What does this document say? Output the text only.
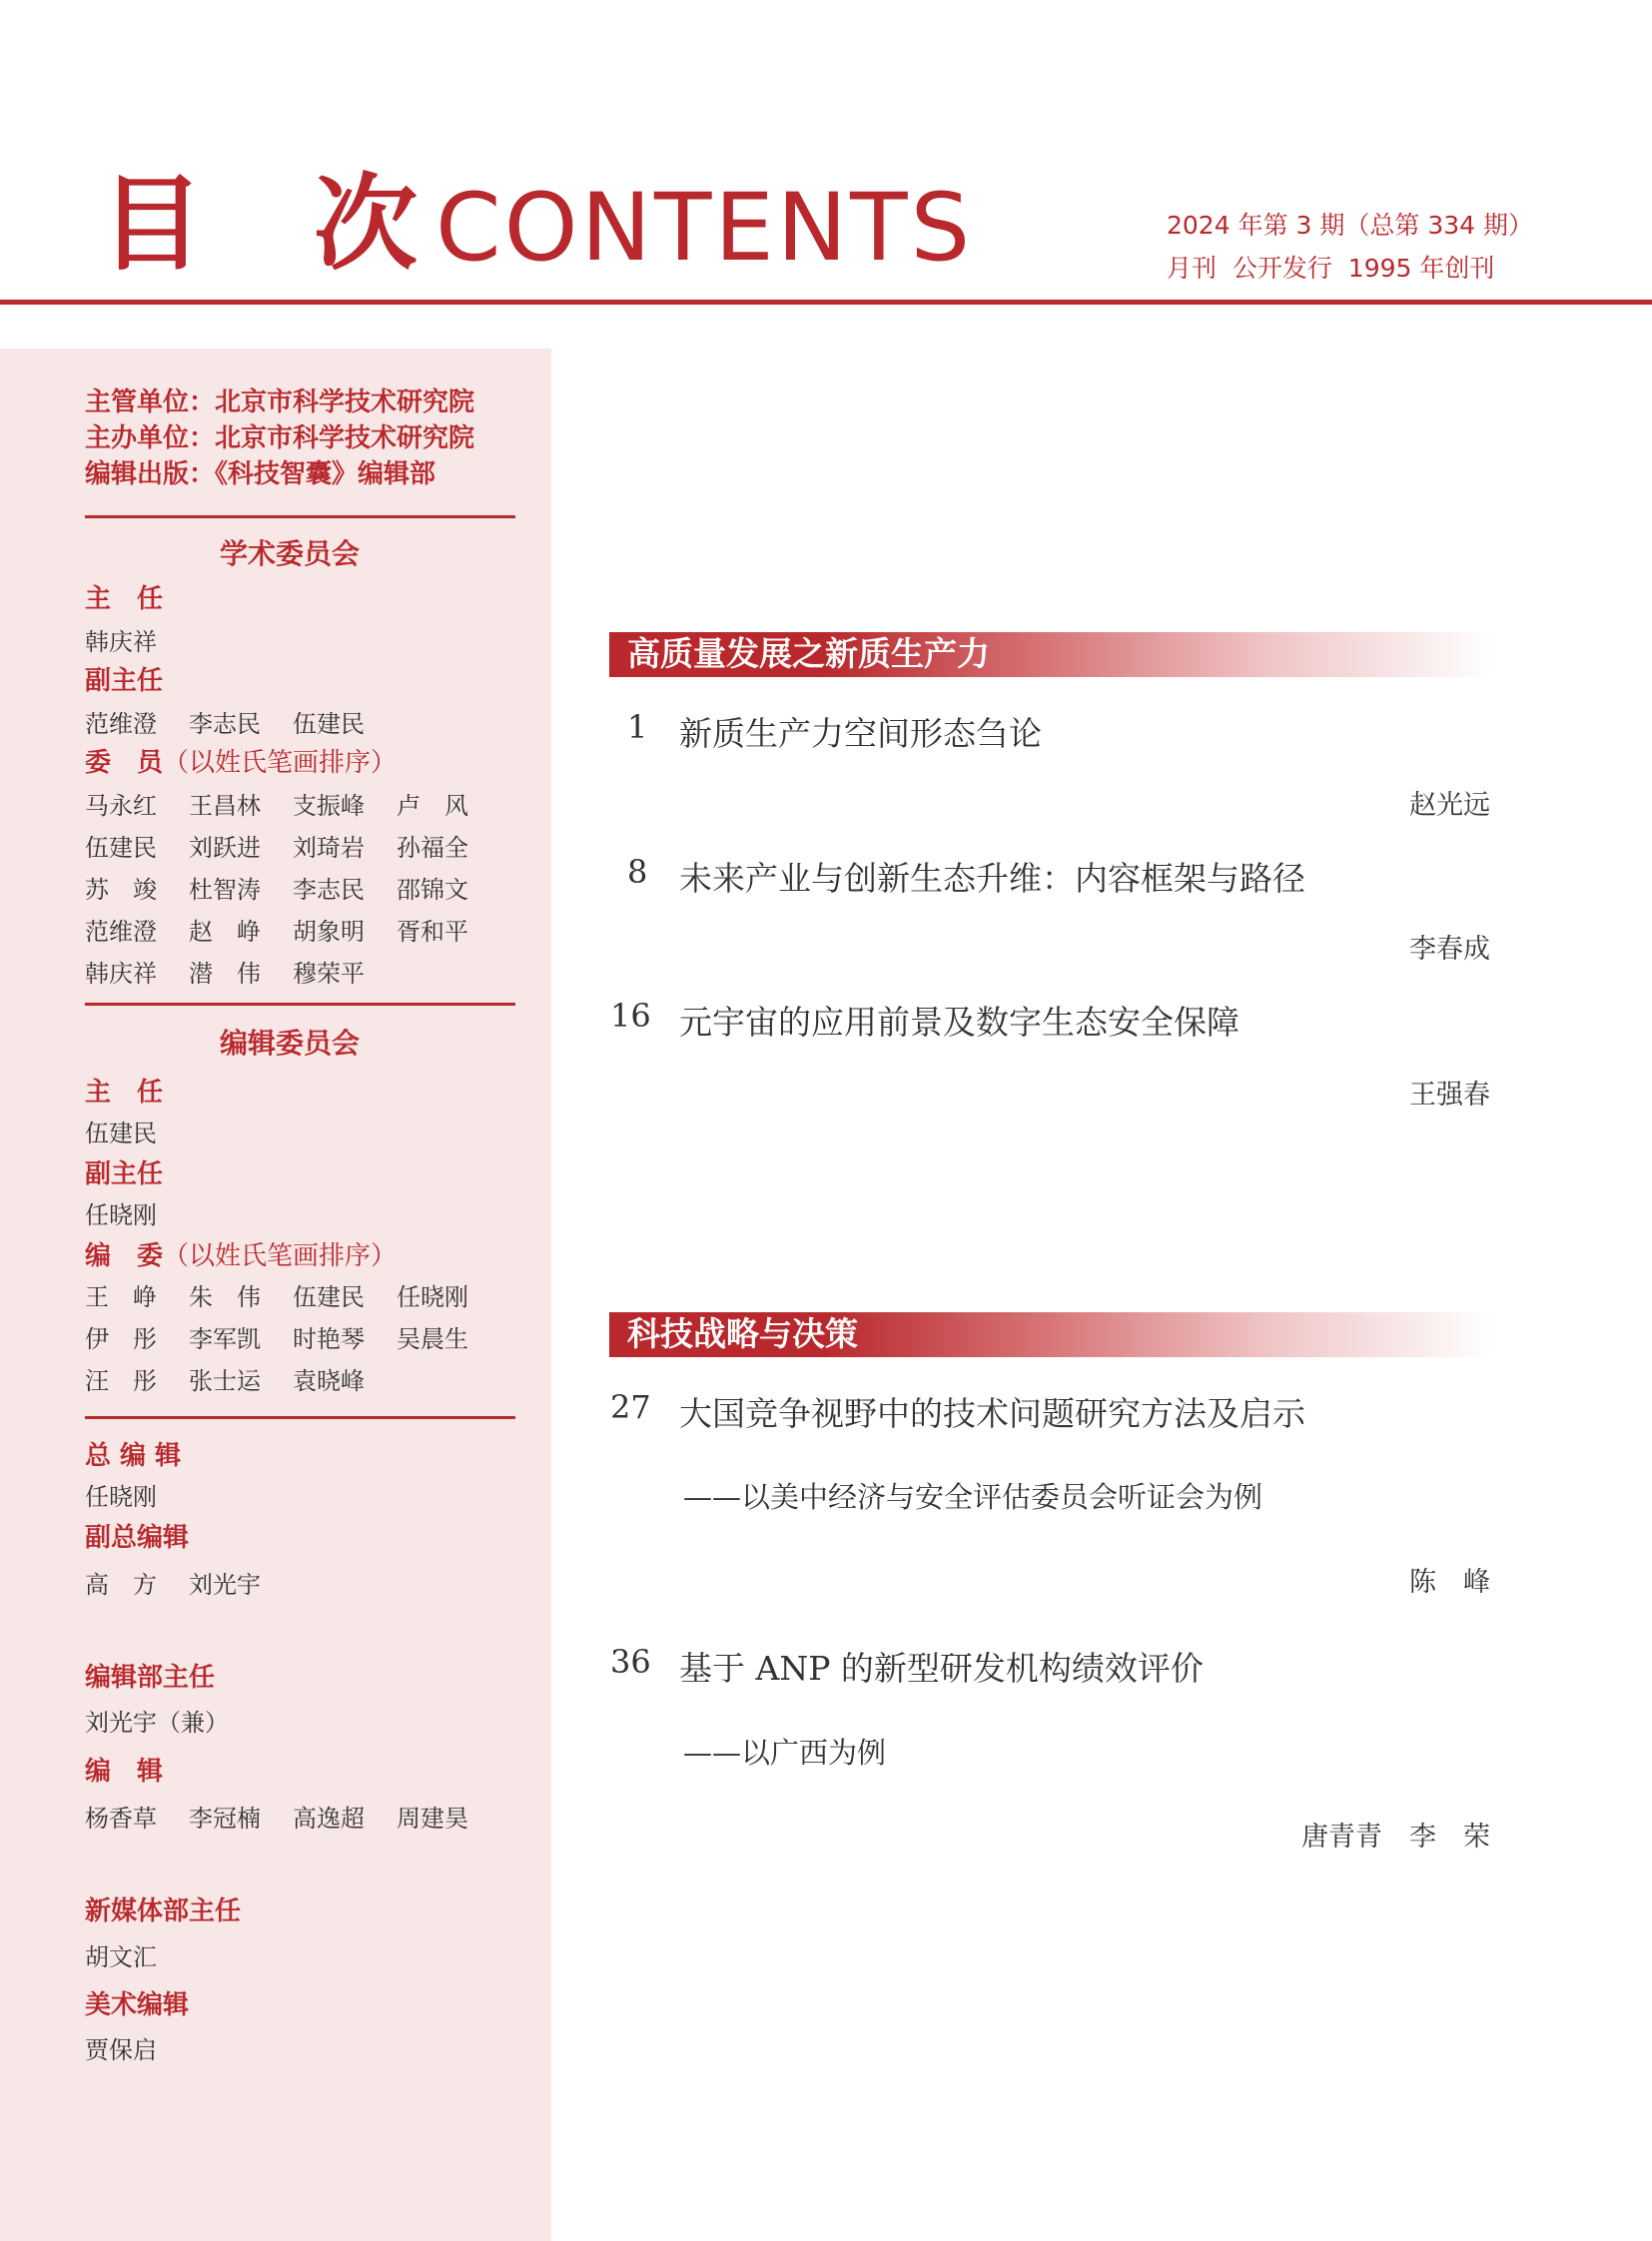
目次
CONTENTS	2024 年第 3 期（总第 334 期）
月刊  公开发行  1995 年创刊
主管单位：北京市科学技术研究院
主办单位：北京市科学技术研究院
编辑出版：《科技智囊》编辑部
学术委员会
主　任
韩庆祥
副主任
范维澄 李志民 伍建民
委　员（以姓氏笔画排序）
马永红 王昌林 支振峰 卢　风
伍建民 刘跃进 刘琦岩 孙福全
苏　竣 杜智涛 李志民 邵锦文
范维澄 赵　峥 胡象明 胥和平
韩庆祥 潜　伟 穆荣平
编辑委员会
主　任
伍建民
副主任
任晓刚
编　委（以姓氏笔画排序）
王　峥 朱　伟 伍建民 任晓刚
伊　彤 李军凯 时艳琴 吴晨生
汪　彤 张士运 袁晓峰
总 编 辑
任晓刚
副总编辑
高　方 刘光宇
编辑部主任
刘光宇（兼）
编　辑
杨香草 李冠楠 高逸超 周建昊
新媒体部主任
胡文汇
美术编辑
贾保启
高质量发展之新质生产力
1 新质生产力空间形态刍论
赵光远
8 未来产业与创新生态升维：内容框架与路径
李春成
16 元宇宙的应用前景及数字生态安全保障
王强春
科技战略与决策
27 大国竞争视野中的技术问题研究方法及启示
——以美中经济与安全评估委员会听证会为例
陈　峰
36 基于 ANP 的新型研发机构绩效评价
——以广西为例
唐青青　李　荣
